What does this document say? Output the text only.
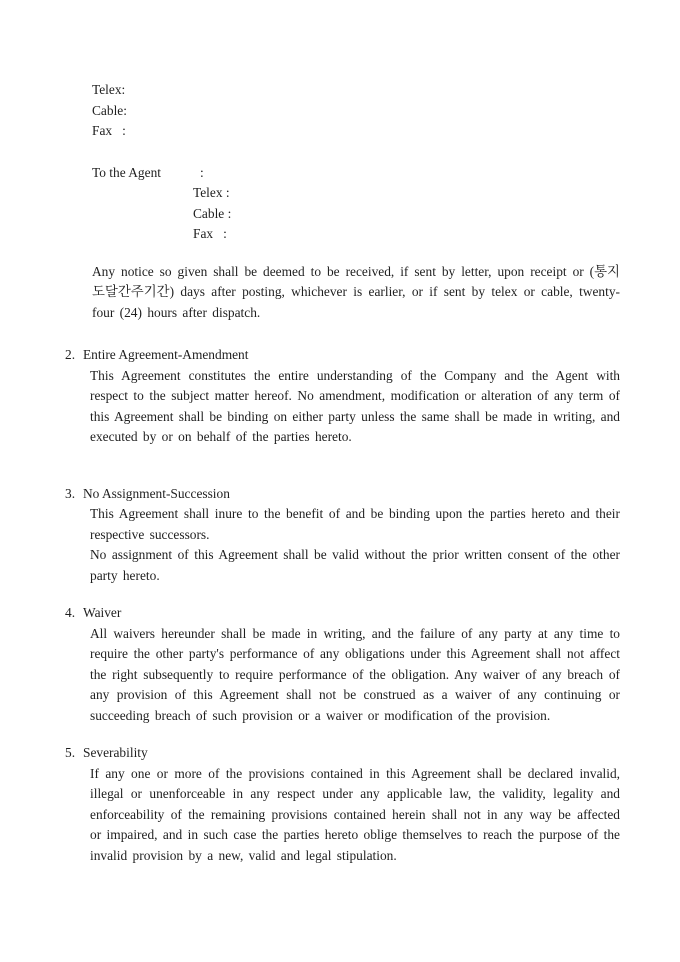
Telex:
Cable:
Fax   :
To the Agent	:
Telex :
Cable :
Fax   :

Any notice so given shall be deemed to be received, if sent by letter, upon receipt or (통지도달간주기간) days after posting, whichever is earlier, or if sent by telex or cable, twenty-four (24) hours after dispatch.

2. Entire Agreement-Amendment

This Agreement constitutes the entire understanding of the Company and the Agent with respect to the subject matter hereof. No amendment, modification or alteration of any term of this Agreement shall be binding on either party unless the same shall be made in writing, and executed by or on behalf of the parties hereto.

3. No Assignment-Succession

This Agreement shall inure to the benefit of and be binding upon the parties hereto and their respective successors.

No assignment of this Agreement shall be valid without the prior written consent of the other party hereto.

4. Waiver

All waivers hereunder shall be made in writing, and the failure of any party at any time to require the other party's performance of any obligations under this Agreement shall not affect the right subsequently to require performance of the obligation. Any waiver of any breach of any provision of this Agreement shall not be construed as a waiver of any continuing or succeeding breach of such provision or a waiver or modification of the provision.

5. Severability

If any one or more of the provisions contained in this Agreement shall be declared invalid, illegal or unenforceable in any respect under any applicable law, the validity, legality and enforceability of the remaining provisions contained herein shall not in any way be affected or impaired, and in such case the parties hereto oblige themselves to reach the purpose of the invalid provision by a new, valid and legal stipulation.
